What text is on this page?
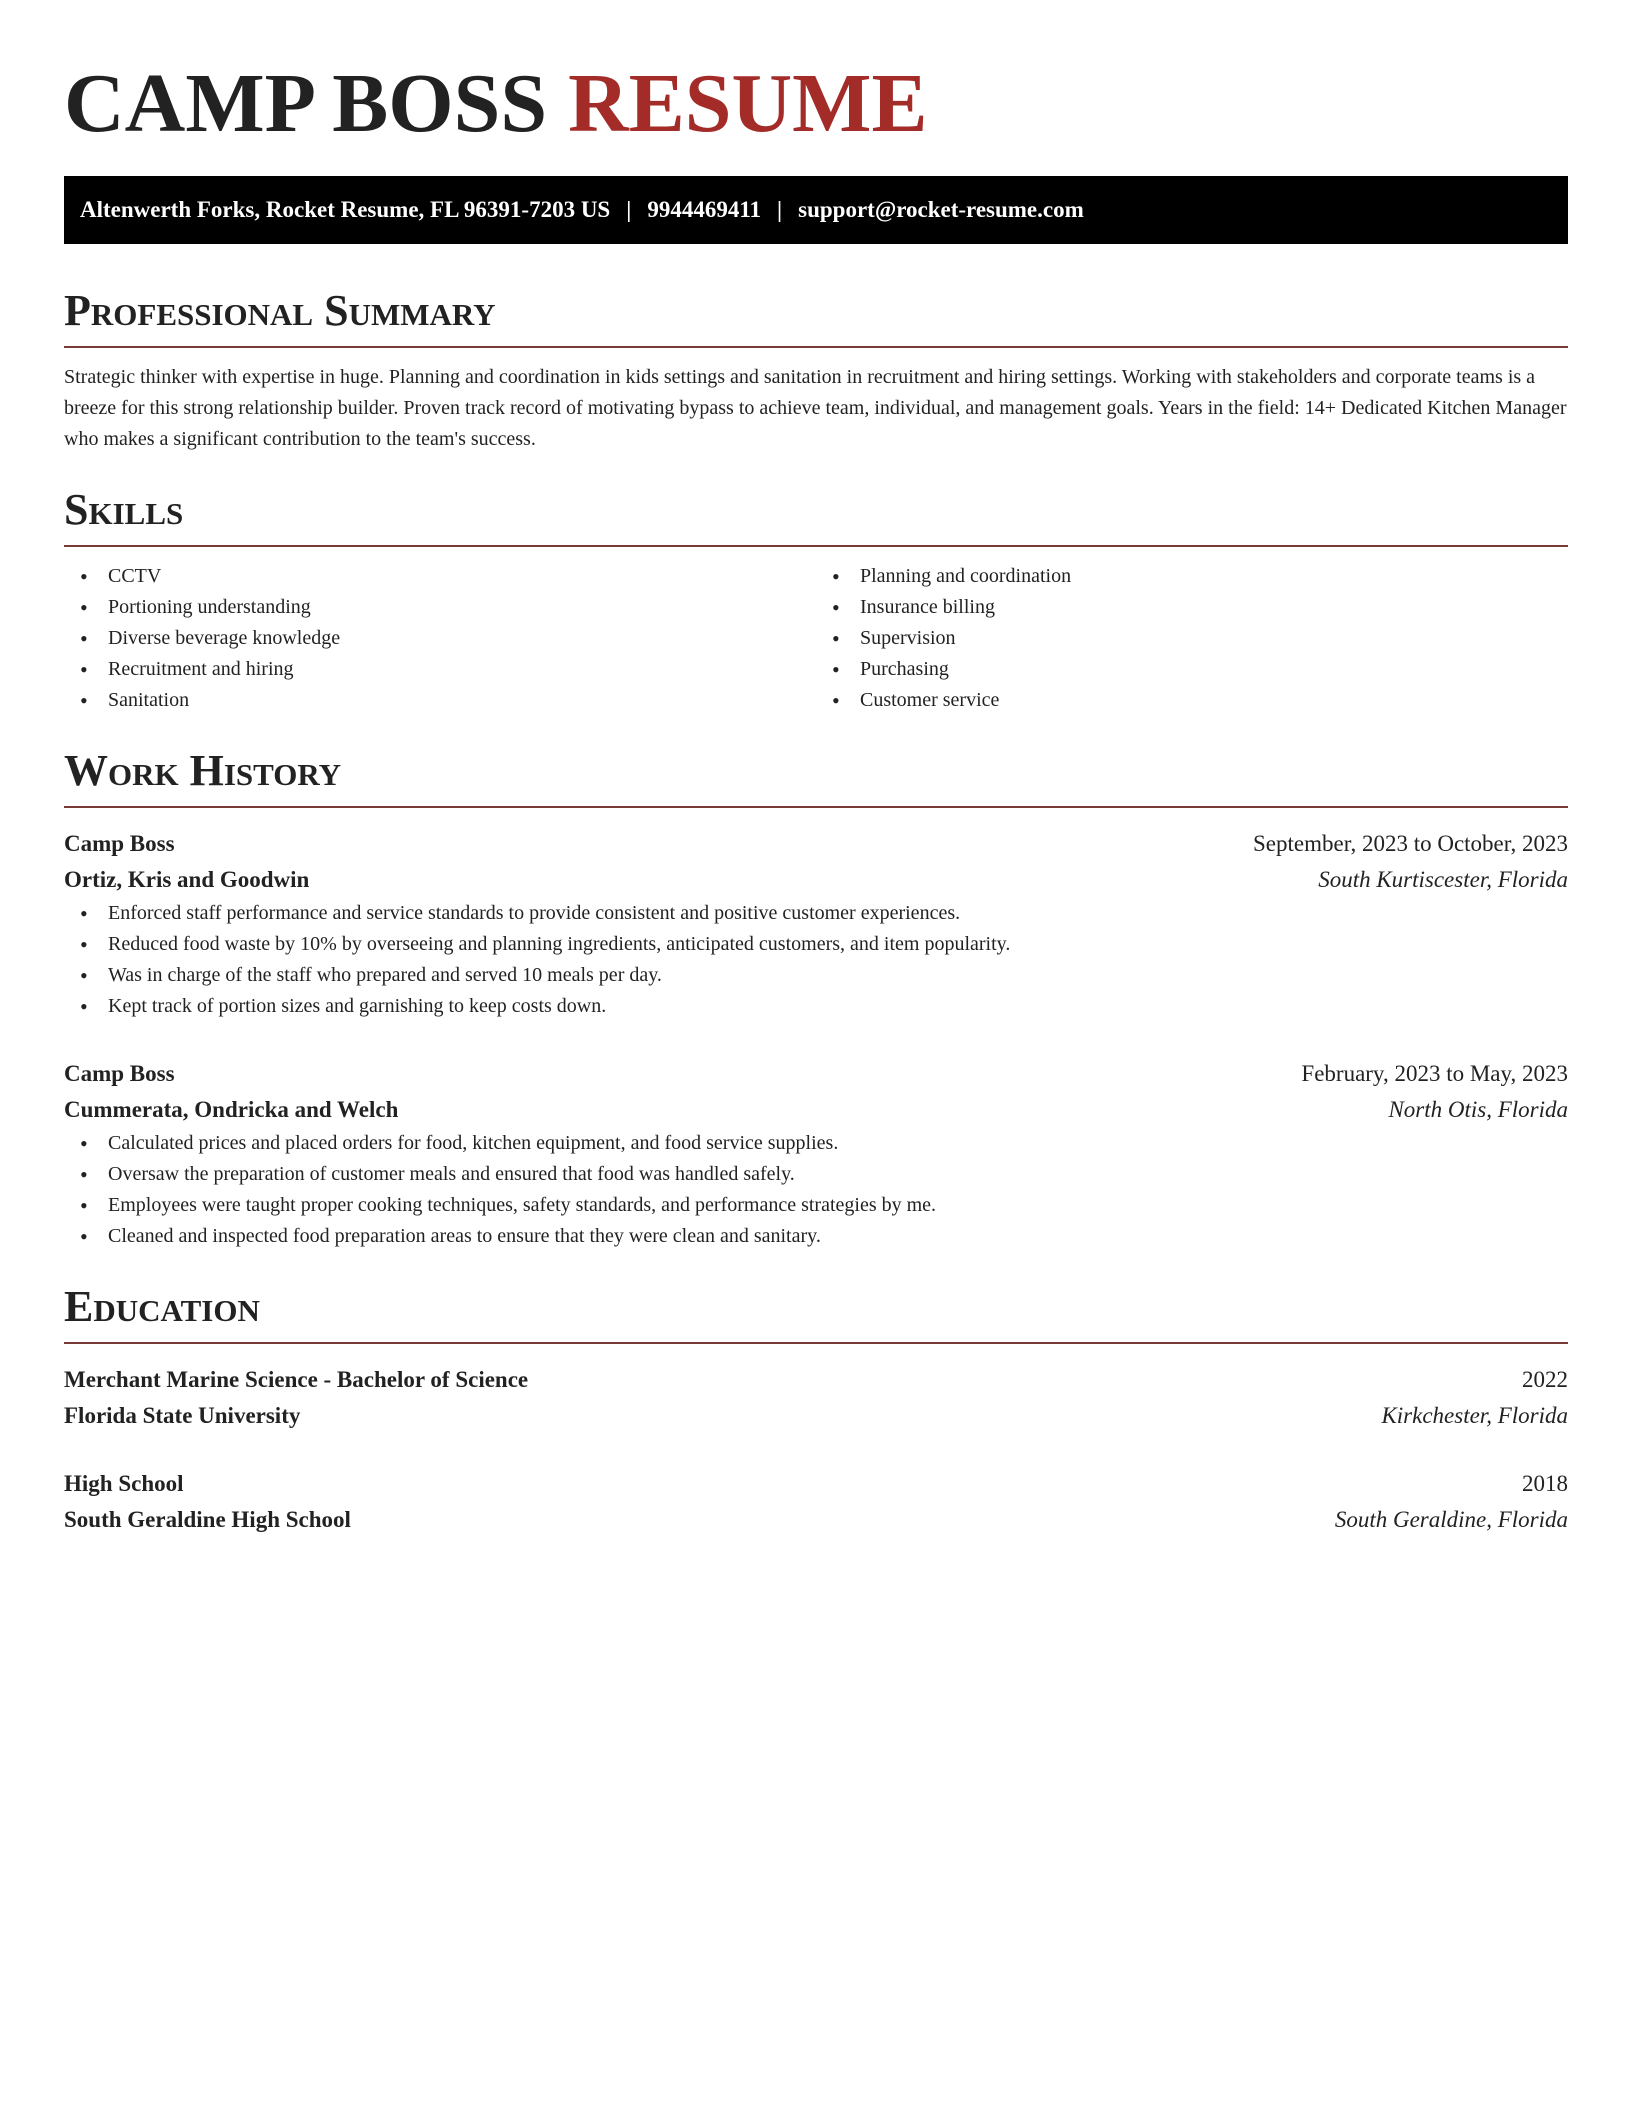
CAMP BOSS RESUME
Altenwerth Forks, Rocket Resume, FL 96391-7203 US | 9944469411 | support@rocket-resume.com
Professional Summary

Strategic thinker with expertise in huge. Planning and coordination in kids settings and sanitation in recruitment and hiring settings. Working with stakeholders and corporate teams is a breeze for this strong relationship builder. Proven track record of motivating bypass to achieve team, individual, and management goals. Years in the field: 14+ Dedicated Kitchen Manager who makes a significant contribution to the team's success.

Skills
• CCTV
• Portioning understanding
• Diverse beverage knowledge
• Recruitment and hiring
• Sanitation
• Planning and coordination
• Insurance billing
• Supervision
• Purchasing
• Customer service
Work History
Camp Boss	September, 2023 to October, 2023
Ortiz, Kris and Goodwin	South Kurtiscester, Florida
• Enforced staff performance and service standards to provide consistent and positive customer experiences.
• Reduced food waste by 10% by overseeing and planning ingredients, anticipated customers, and item popularity.
• Was in charge of the staff who prepared and served 10 meals per day.
• Kept track of portion sizes and garnishing to keep costs down.
Camp Boss	February, 2023 to May, 2023
Cummerata, Ondricka and Welch	North Otis, Florida
• Calculated prices and placed orders for food, kitchen equipment, and food service supplies.
• Oversaw the preparation of customer meals and ensured that food was handled safely.
• Employees were taught proper cooking techniques, safety standards, and performance strategies by me.
• Cleaned and inspected food preparation areas to ensure that they were clean and sanitary.
Education
Merchant Marine Science - Bachelor of Science	2022
Florida State University	Kirkchester, Florida
High School	2018
South Geraldine High School	South Geraldine, Florida
